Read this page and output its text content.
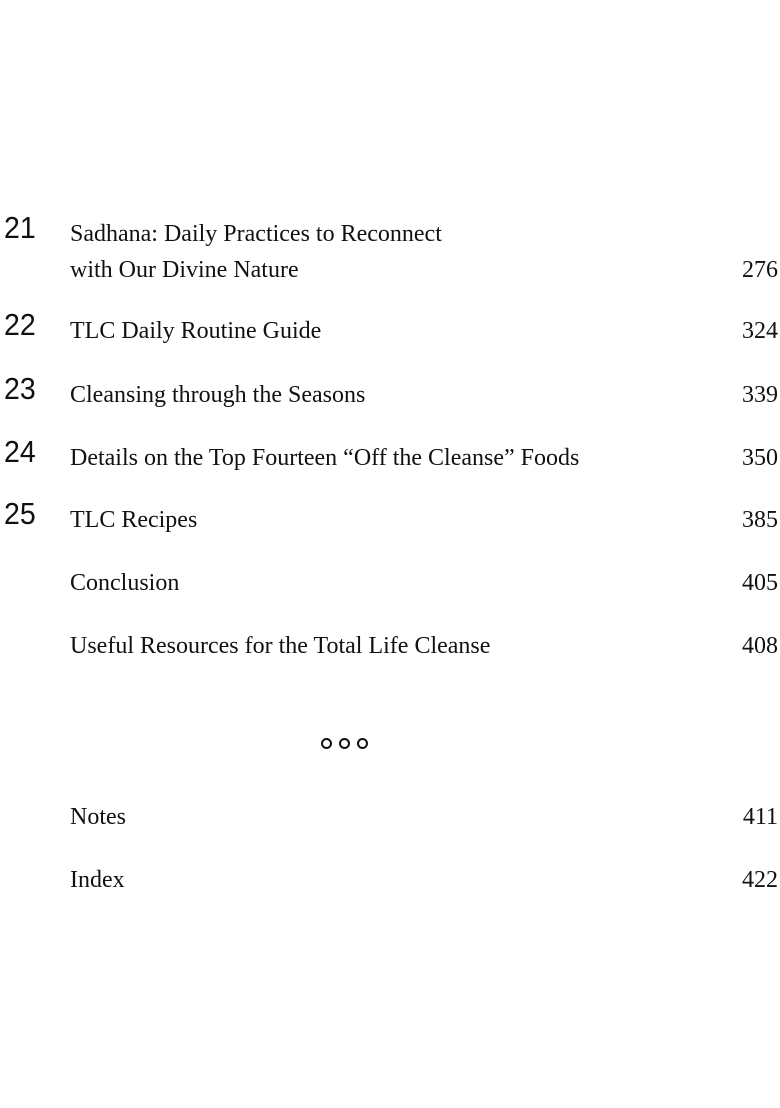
21 Sadhana: Daily Practices to Reconnect
with Our Divine Nature	276
22 TLC Daily Routine Guide	324
23 Cleansing through the Seasons	339
24 Details on the Top Fourteen “Off the Cleanse” Foods	350
25 TLC Recipes	385
Conclusion	405
Useful Resources for the Total Life Cleanse	408
Notes	411
Index	422
